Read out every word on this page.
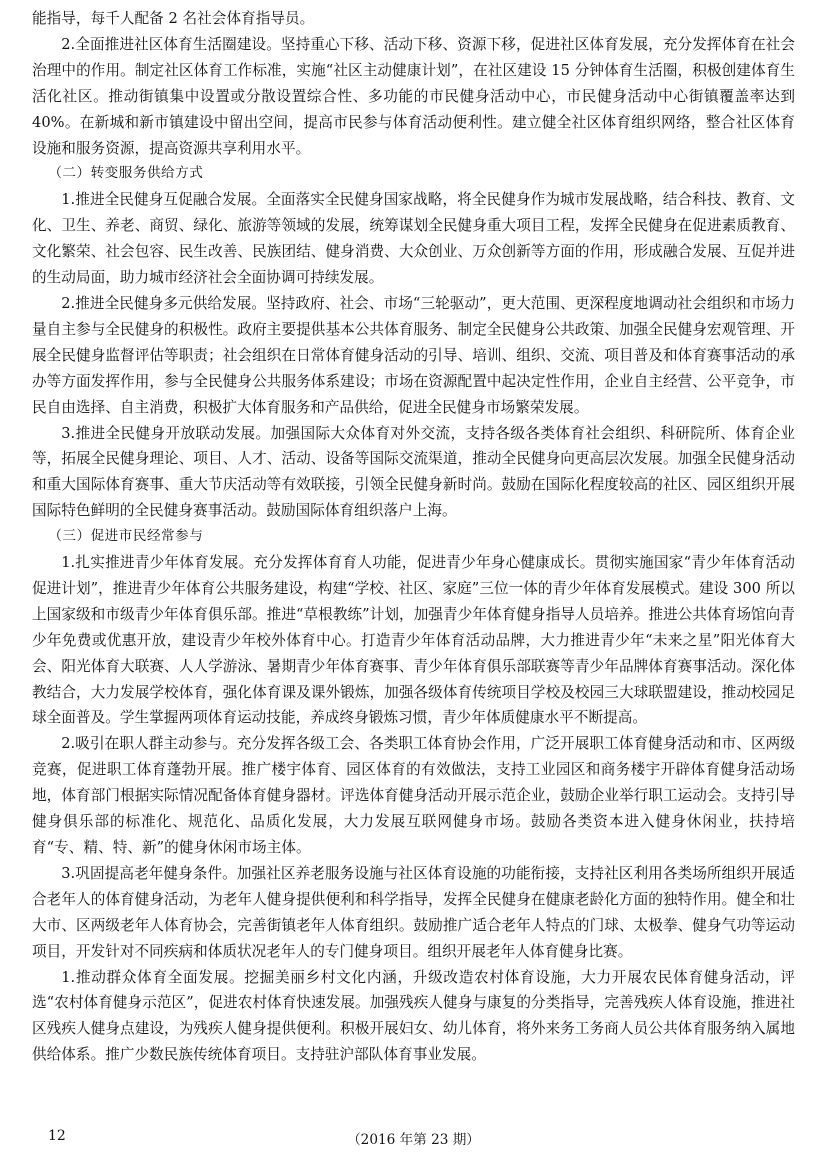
能指导，每千人配备 2 名社会体育指导员。

2.全面推进社区体育生活圈建设。坚持重心下移、活动下移、资源下移，促进社区体育发展，充分发挥体育在社会治理中的作用。制定社区体育工作标准，实施“社区主动健康计划”，在社区建设 15 分钟体育生活圈，积极创建体育生活化社区。推动街镇集中设置或分散设置综合性、多功能的市民健身活动中心，市民健身活动中心街镇覆盖率达到 40%。在新城和新市镇建设中留出空间，提高市民参与体育活动便利性。建立健全社区体育组织网络，整合社区体育设施和服务资源，提高资源共享利用水平。

（二）转变服务供给方式

1.推进全民健身互促融合发展。全面落实全民健身国家战略，将全民健身作为城市发展战略，结合科技、教育、文化、卫生、养老、商贸、绿化、旅游等领域的发展，统筹谋划全民健身重大项目工程，发挥全民健身在促进素质教育、文化繁荣、社会包容、民生改善、民族团结、健身消费、大众创业、万众创新等方面的作用，形成融合发展、互促并进的生动局面，助力城市经济社会全面协调可持续发展。

2.推进全民健身多元供给发展。坚持政府、社会、市场“三轮驱动”，更大范围、更深程度地调动社会组织和市场力量自主参与全民健身的积极性。政府主要提供基本公共体育服务、制定全民健身公共政策、加强全民健身宏观管理、开展全民健身监督评估等职责；社会组织在日常体育健身活动的引导、培训、组织、交流、项目普及和体育赛事活动的承办等方面发挥作用，参与全民健身公共服务体系建设；市场在资源配置中起决定性作用，企业自主经营、公平竞争，市民自由选择、自主消费，积极扩大体育服务和产品供给，促进全民健身市场繁荣发展。

3.推进全民健身开放联动发展。加强国际大众体育对外交流，支持各级各类体育社会组织、科研院所、体育企业等，拓展全民健身理论、项目、人才、活动、设备等国际交流渠道，推动全民健身向更高层次发展。加强全民健身活动和重大国际体育赛事、重大节庆活动等有效联接，引领全民健身新时尚。鼓励在国际化程度较高的社区、园区组织开展国际特色鲜明的全民健身赛事活动。鼓励国际体育组织落户上海。

（三）促进市民经常参与

1.扎实推进青少年体育发展。充分发挥体育育人功能，促进青少年身心健康成长。贯彻实施国家“青少年体育活动促进计划”，推进青少年体育公共服务建设，构建“学校、社区、家庭”三位一体的青少年体育发展模式。建设 300 所以上国家级和市级青少年体育俱乐部。推进“草根教练”计划，加强青少年体育健身指导人员培养。推进公共体育场馆向青少年免费或优惠开放，建设青少年校外体育中心。打造青少年体育活动品牌，大力推进青少年“未来之星”阳光体育大会、阳光体育大联赛、人人学游泳、暑期青少年体育赛事、青少年体育俱乐部联赛等青少年品牌体育赛事活动。深化体教结合，大力发展学校体育，强化体育课及课外锻炼，加强各级体育传统项目学校及校园三大球联盟建设，推动校园足球全面普及。学生掌握两项体育运动技能，养成终身锻炼习惯，青少年体质健康水平不断提高。

2.吸引在职人群主动参与。充分发挥各级工会、各类职工体育协会作用，广泛开展职工体育健身活动和市、区两级竞赛，促进职工体育蓬勃开展。推广楼宇体育、园区体育的有效做法，支持工业园区和商务楼宇开辟体育健身活动场地，体育部门根据实际情况配备体育健身器材。评选体育健身活动开展示范企业，鼓励企业举行职工运动会。支持引导健身俱乐部的标准化、规范化、品质化发展，大力发展互联网健身市场。鼓励各类资本进入健身休闲业，扶持培育“专、精、特、新”的健身休闲市场主体。

3.巩固提高老年健身条件。加强社区养老服务设施与社区体育设施的功能衔接，支持社区利用各类场所组织开展适合老年人的体育健身活动，为老年人健身提供便利和科学指导，发挥全民健身在健康老龄化方面的独特作用。健全和壮大市、区两级老年人体育协会，完善街镇老年人体育组织。鼓励推广适合老年人特点的门球、太极拳、健身气功等运动项目，开发针对不同疾病和体质状况老年人的专门健身项目。组织开展老年人体育健身比赛。

1.推动群众体育全面发展。挖掘美丽乡村文化内涵，升级改造农村体育设施，大力开展农民体育健身活动，评选“农村体育健身示范区”，促进农村体育快速发展。加强残疾人健身与康复的分类指导，完善残疾人体育设施，推进社区残疾人健身点建设，为残疾人健身提供便利。积极开展妇女、幼儿体育，将外来务工务商人员公共体育服务纳入属地供给体系。推广少数民族传统体育项目。支持驻沪部队体育事业发展。

12	（2016 年第 23 期）
